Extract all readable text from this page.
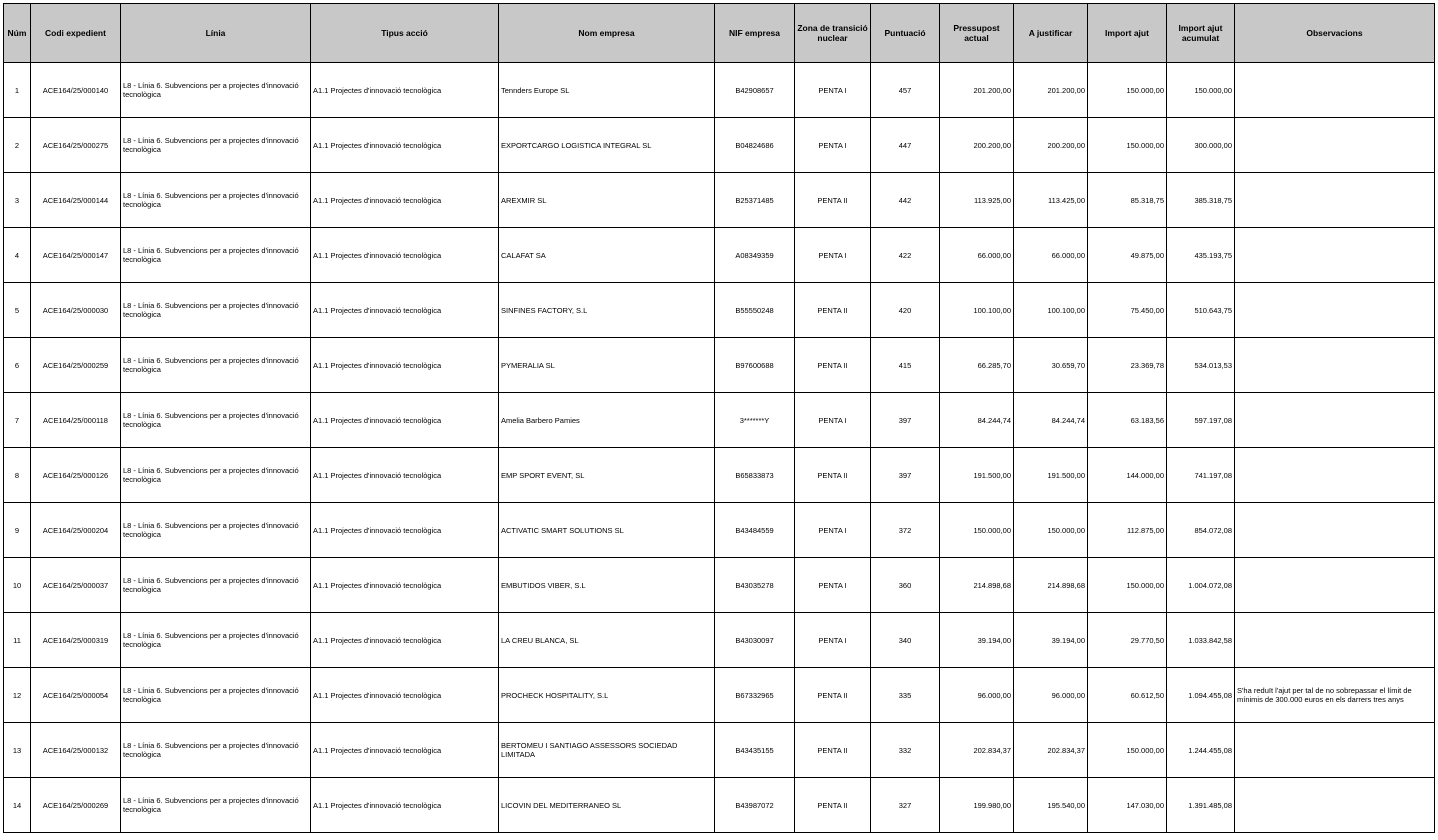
Núm	Codi expedient	Línia	Tipus acció	Nom empresa	NIF empresa	Zona de transició nuclear	Puntuació	Pressupost actual	A justificar	Import ajut	Import ajut acumulat	Observacions
1	ACE164/25/000140	L8 - Línia 6. Subvencions per a projectes d'innovació tecnològica	A1.1 Projectes d'innovació tecnològica	Tennders Europe SL	B42908657	PENTA I	457	201.200,00	201.200,00	150.000,00	150.000,00	
2	ACE164/25/000275	L8 - Línia 6. Subvencions per a projectes d'innovació tecnològica	A1.1 Projectes d'innovació tecnològica	EXPORTCARGO LOGISTICA INTEGRAL SL	B04824686	PENTA I	447	200.200,00	200.200,00	150.000,00	300.000,00	
3	ACE164/25/000144	L8 - Línia 6. Subvencions per a projectes d'innovació tecnològica	A1.1 Projectes d'innovació tecnològica	AREXMIR SL	B25371485	PENTA II	442	113.925,00	113.425,00	85.318,75	385.318,75	
4	ACE164/25/000147	L8 - Línia 6. Subvencions per a projectes d'innovació tecnològica	A1.1 Projectes d'innovació tecnològica	CALAFAT SA	A08349359	PENTA I	422	66.000,00	66.000,00	49.875,00	435.193,75	
5	ACE164/25/000030	L8 - Línia 6. Subvencions per a projectes d'innovació tecnològica	A1.1 Projectes d'innovació tecnològica	SINFINES FACTORY, S.L	B55550248	PENTA II	420	100.100,00	100.100,00	75.450,00	510.643,75	
6	ACE164/25/000259	L8 - Línia 6. Subvencions per a projectes d'innovació tecnològica	A1.1 Projectes d'innovació tecnològica	PYMERALIA SL	B97600688	PENTA II	415	66.285,70	30.659,70	23.369,78	534.013,53	
7	ACE164/25/000118	L8 - Línia 6. Subvencions per a projectes d'innovació tecnològica	A1.1 Projectes d'innovació tecnològica	Amelia Barbero Pamies	3*******Y	PENTA I	397	84.244,74	84.244,74	63.183,56	597.197,08	
8	ACE164/25/000126	L8 - Línia 6. Subvencions per a projectes d'innovació tecnològica	A1.1 Projectes d'innovació tecnològica	EMP SPORT EVENT, SL	B65833873	PENTA II	397	191.500,00	191.500,00	144.000,00	741.197,08	
9	ACE164/25/000204	L8 - Línia 6. Subvencions per a projectes d'innovació tecnològica	A1.1 Projectes d'innovació tecnològica	ACTIVATIC SMART SOLUTIONS SL	B43484559	PENTA I	372	150.000,00	150.000,00	112.875,00	854.072,08	
10	ACE164/25/000037	L8 - Línia 6. Subvencions per a projectes d'innovació tecnològica	A1.1 Projectes d'innovació tecnològica	EMBUTIDOS VIBER, S.L	B43035278	PENTA I	360	214.898,68	214.898,68	150.000,00	1.004.072,08	
11	ACE164/25/000319	L8 - Línia 6. Subvencions per a projectes d'innovació tecnològica	A1.1 Projectes d'innovació tecnològica	LA CREU BLANCA, SL	B43030097	PENTA I	340	39.194,00	39.194,00	29.770,50	1.033.842,58	
12	ACE164/25/000054	L8 - Línia 6. Subvencions per a projectes d'innovació tecnològica	A1.1 Projectes d'innovació tecnològica	PROCHECK HOSPITALITY, S.L	B67332965	PENTA II	335	96.000,00	96.000,00	60.612,50	1.094.455,08	S'ha reduït l'ajut per tal de no sobrepassar el límit de mínimis de 300.000 euros en els darrers tres anys
13	ACE164/25/000132	L8 - Línia 6. Subvencions per a projectes d'innovació tecnològica	A1.1 Projectes d'innovació tecnològica	BERTOMEU I SANTIAGO ASSESSORS SOCIEDAD LIMITADA	B43435155	PENTA II	332	202.834,37	202.834,37	150.000,00	1.244.455,08	
14	ACE164/25/000269	L8 - Línia 6. Subvencions per a projectes d'innovació tecnològica	A1.1 Projectes d'innovació tecnològica	LICOVIN DEL MEDITERRANEO SL	B43987072	PENTA II	327	199.980,00	195.540,00	147.030,00	1.391.485,08	
